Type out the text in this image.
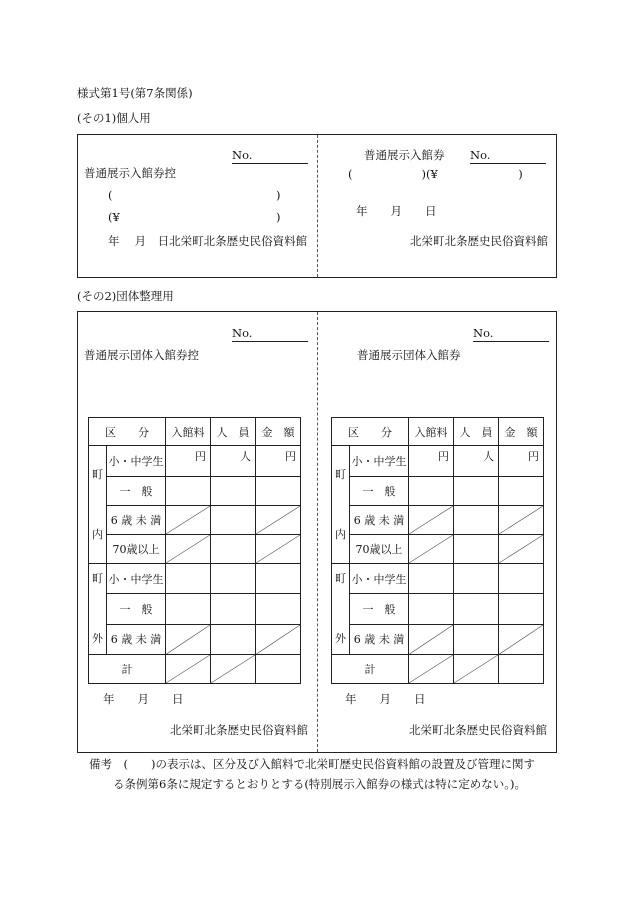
様式第1号(第7条関係)
(その1)個人用
No.
普通展示入館券控
(	)
(¥	)
年　 月　日北栄町北条歴史民俗資料館
普通展示入館券 No.
(　　　　　　)(¥　　　　　　　)
年　　月　　日
北栄町北条歴史民俗資料館
(その2)団体整理用
No.	No.
普通展示団体入館券控	普通展示団体入館券
区　　分		入館料	人　員	金　額

町

内	小・中学生	円	人	円
	一　般			
	6 歳 未 満	

	70歳以上	

町

外	小・中学生			
	一　般			
	6 歳 未 満	

計	

区　　分		入館料	人　員	金　額

町

内	小・中学生	円	人	円
	一　般			
	6 歳 未 満	

	70歳以上	

町

外	小・中学生			
	一　般			
	6 歳 未 満	

計	

年　　月　　日	年　　月　　日
北栄町北条歴史民俗資料館	北栄町北条歴史民俗資料館
備考　(　　)の表示は、区分及び入館料で北栄町歴史民俗資料館の設置及び管理に関す
る条例第6条に規定するとおりとする(特別展示入館券の様式は特に定めない。)。
